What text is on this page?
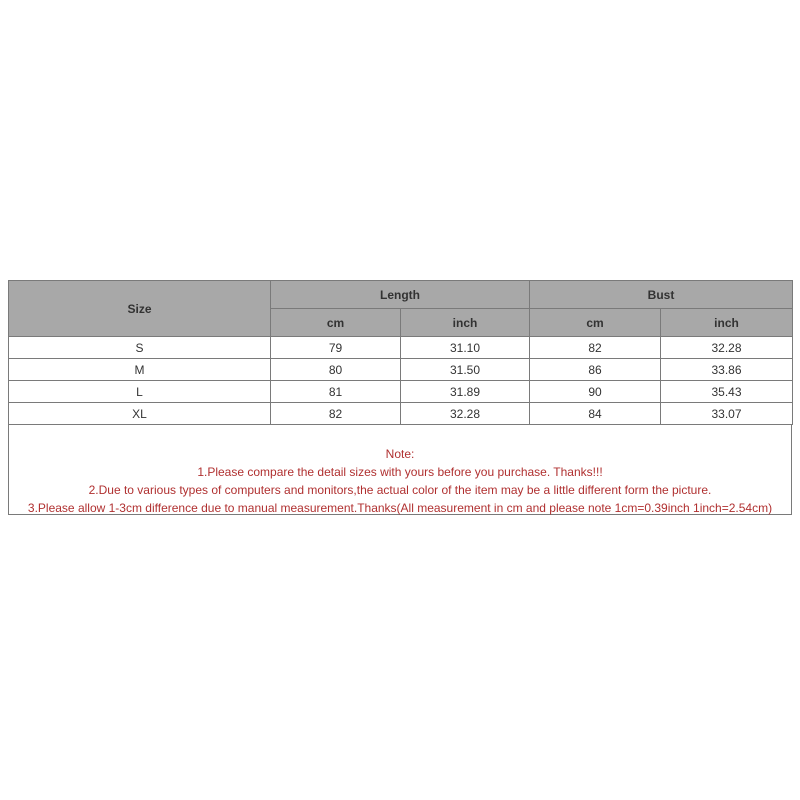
Size	Length		Bust	
	cm	inch	cm	inch
S	79	31.10	82	32.28
M	80	31.50	86	33.86
L	81	31.89	90	35.43
XL	82	32.28	84	33.07
Note:
1.Please compare the detail sizes with yours before you purchase. Thanks!!!
2.Due to various types of computers and monitors,the actual color of the item may be a little different form the picture.
3.Please allow 1-3cm difference due to manual measurement.Thanks(All measurement in cm and please note 1cm=0.39inch 1inch=2.54cm)
